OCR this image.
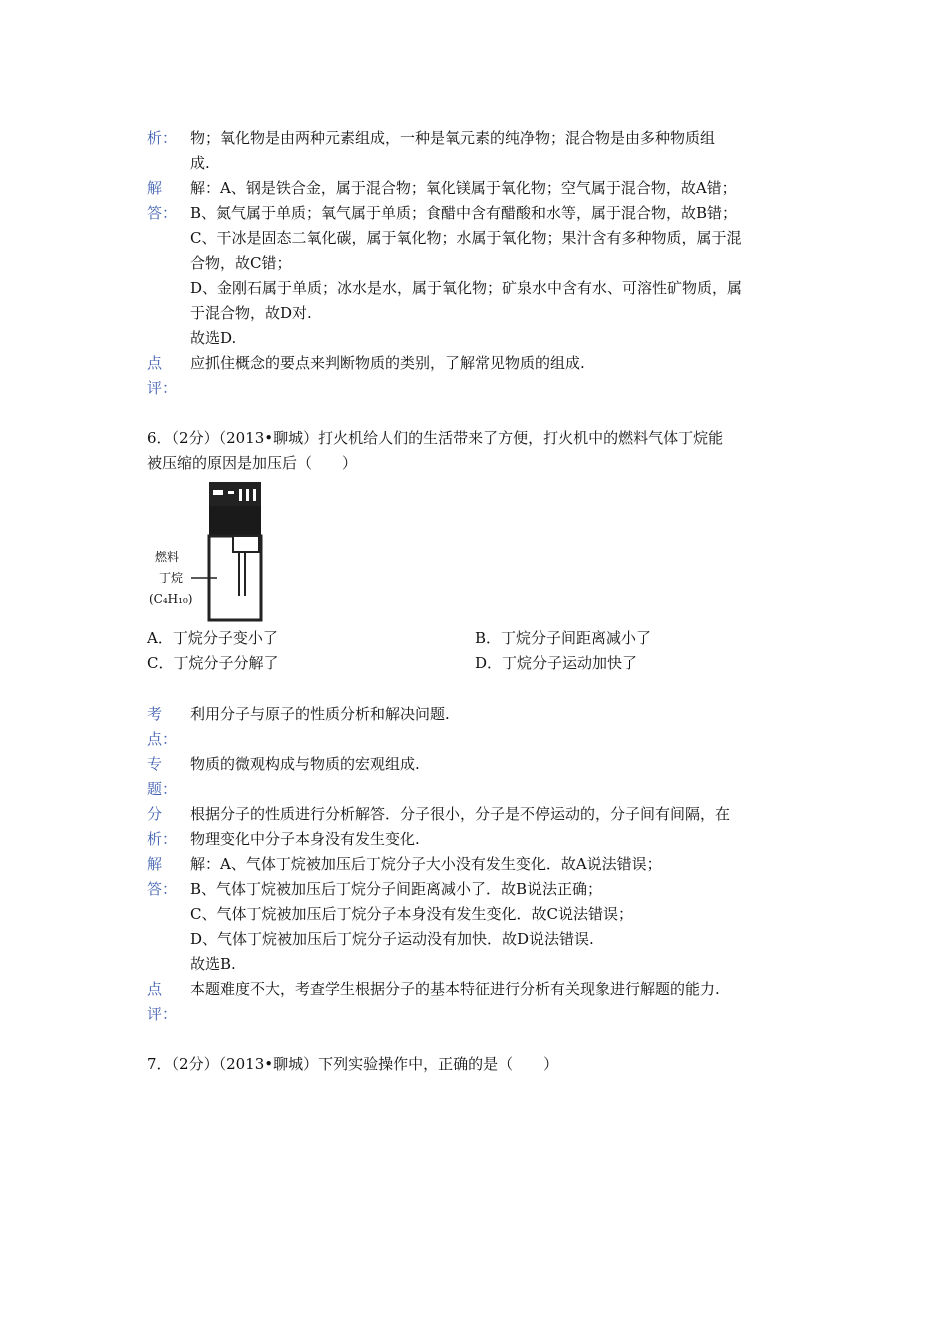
析： 物；氧化物是由两种元素组成，一种是氧元素的纯净物；混合物是由多种物质组

成.

解
答：

解：A、钢是铁合金，属于混合物；氧化镁属于氧化物；空气属于混合物，故A错；

B、氮气属于单质；氧气属于单质；食醋中含有醋酸和水等，属于混合物，故B错；

C、干冰是固态二氧化碳，属于氧化物；水属于氧化物；果汁含有多种物质，属于混

合物，故C错；

D、金刚石属于单质；冰水是水，属于氧化物；矿泉水中含有水、可溶性矿物质，属

于混合物，故D对.

故选D.

点
评：
应抓住概念的要点来判断物质的类别，了解常见物质的组成.
6．（2分）（2013•聊城）打火机给人们的生活带来了方便，打火机中的燃料气体丁烷能
被压缩的原因是加压后（　　）
燃料
丁烷
(C₄H₁₀)
A．丁烷分子变小了	B．丁烷分子间距离减小了
C．丁烷分子分解了	D．丁烷分子运动加快了
考
点：
利用分子与原子的性质分析和解决问题.
专
题：
物质的微观构成与物质的宏观组成.
分
析：

根据分子的性质进行分析解答．分子很小，分子是不停运动的，分子间有间隔，在

物理变化中分子本身没有发生变化.

解
答：

解：A、气体丁烷被加压后丁烷分子大小没有发生变化．故A说法错误；

B、气体丁烷被加压后丁烷分子间距离减小了．故B说法正确；

C、气体丁烷被加压后丁烷分子本身没有发生变化．故C说法错误；

D、气体丁烷被加压后丁烷分子运动没有加快．故D说法错误.

故选B.

点
评：
本题难度不大，考查学生根据分子的基本特征进行分析有关现象进行解题的能力.
7．（2分）（2013•聊城）下列实验操作中，正确的是（　　）
